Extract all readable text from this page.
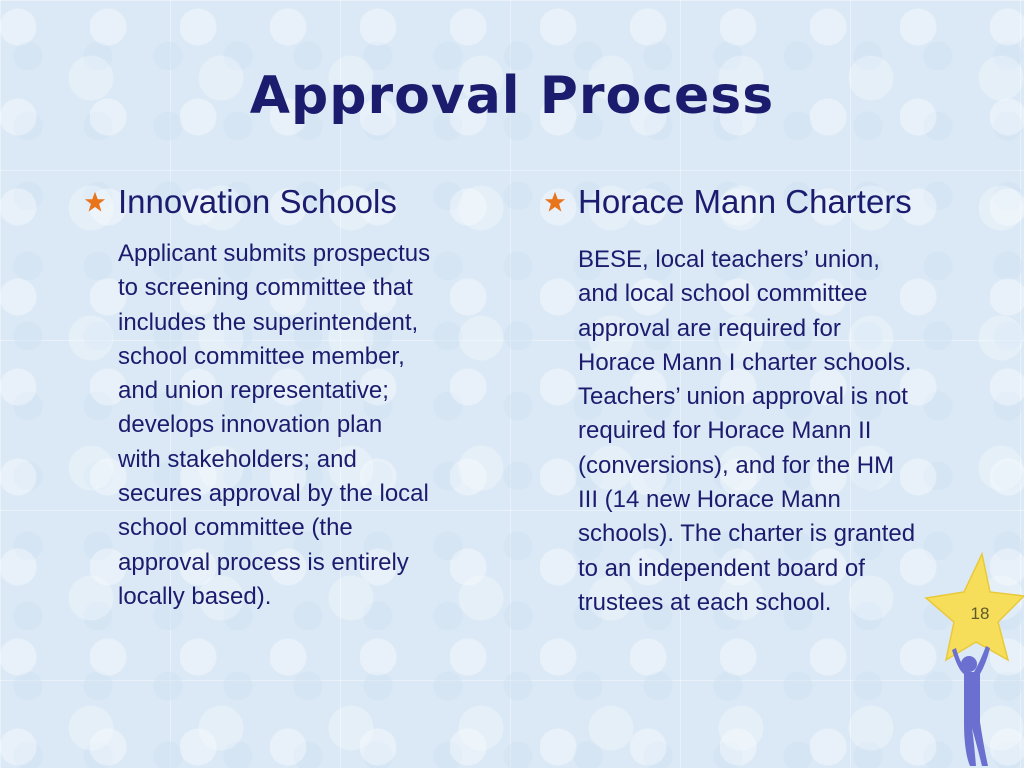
Approval Process
Innovation Schools
Applicant submits prospectus
to screening committee that
includes the superintendent,
school committee member,
and union representative;
develops innovation plan
with stakeholders; and
secures approval by the local
school committee (the
approval process is entirely
locally based).
Horace Mann Charters
BESE, local teachers’ union,
and local school committee
approval are required for
Horace Mann I charter schools.
Teachers’ union approval is not
required for Horace Mann II
(conversions), and for the HM
III (14 new Horace Mann
schools). The charter is granted
to an independent board of
trustees at each school.	18
